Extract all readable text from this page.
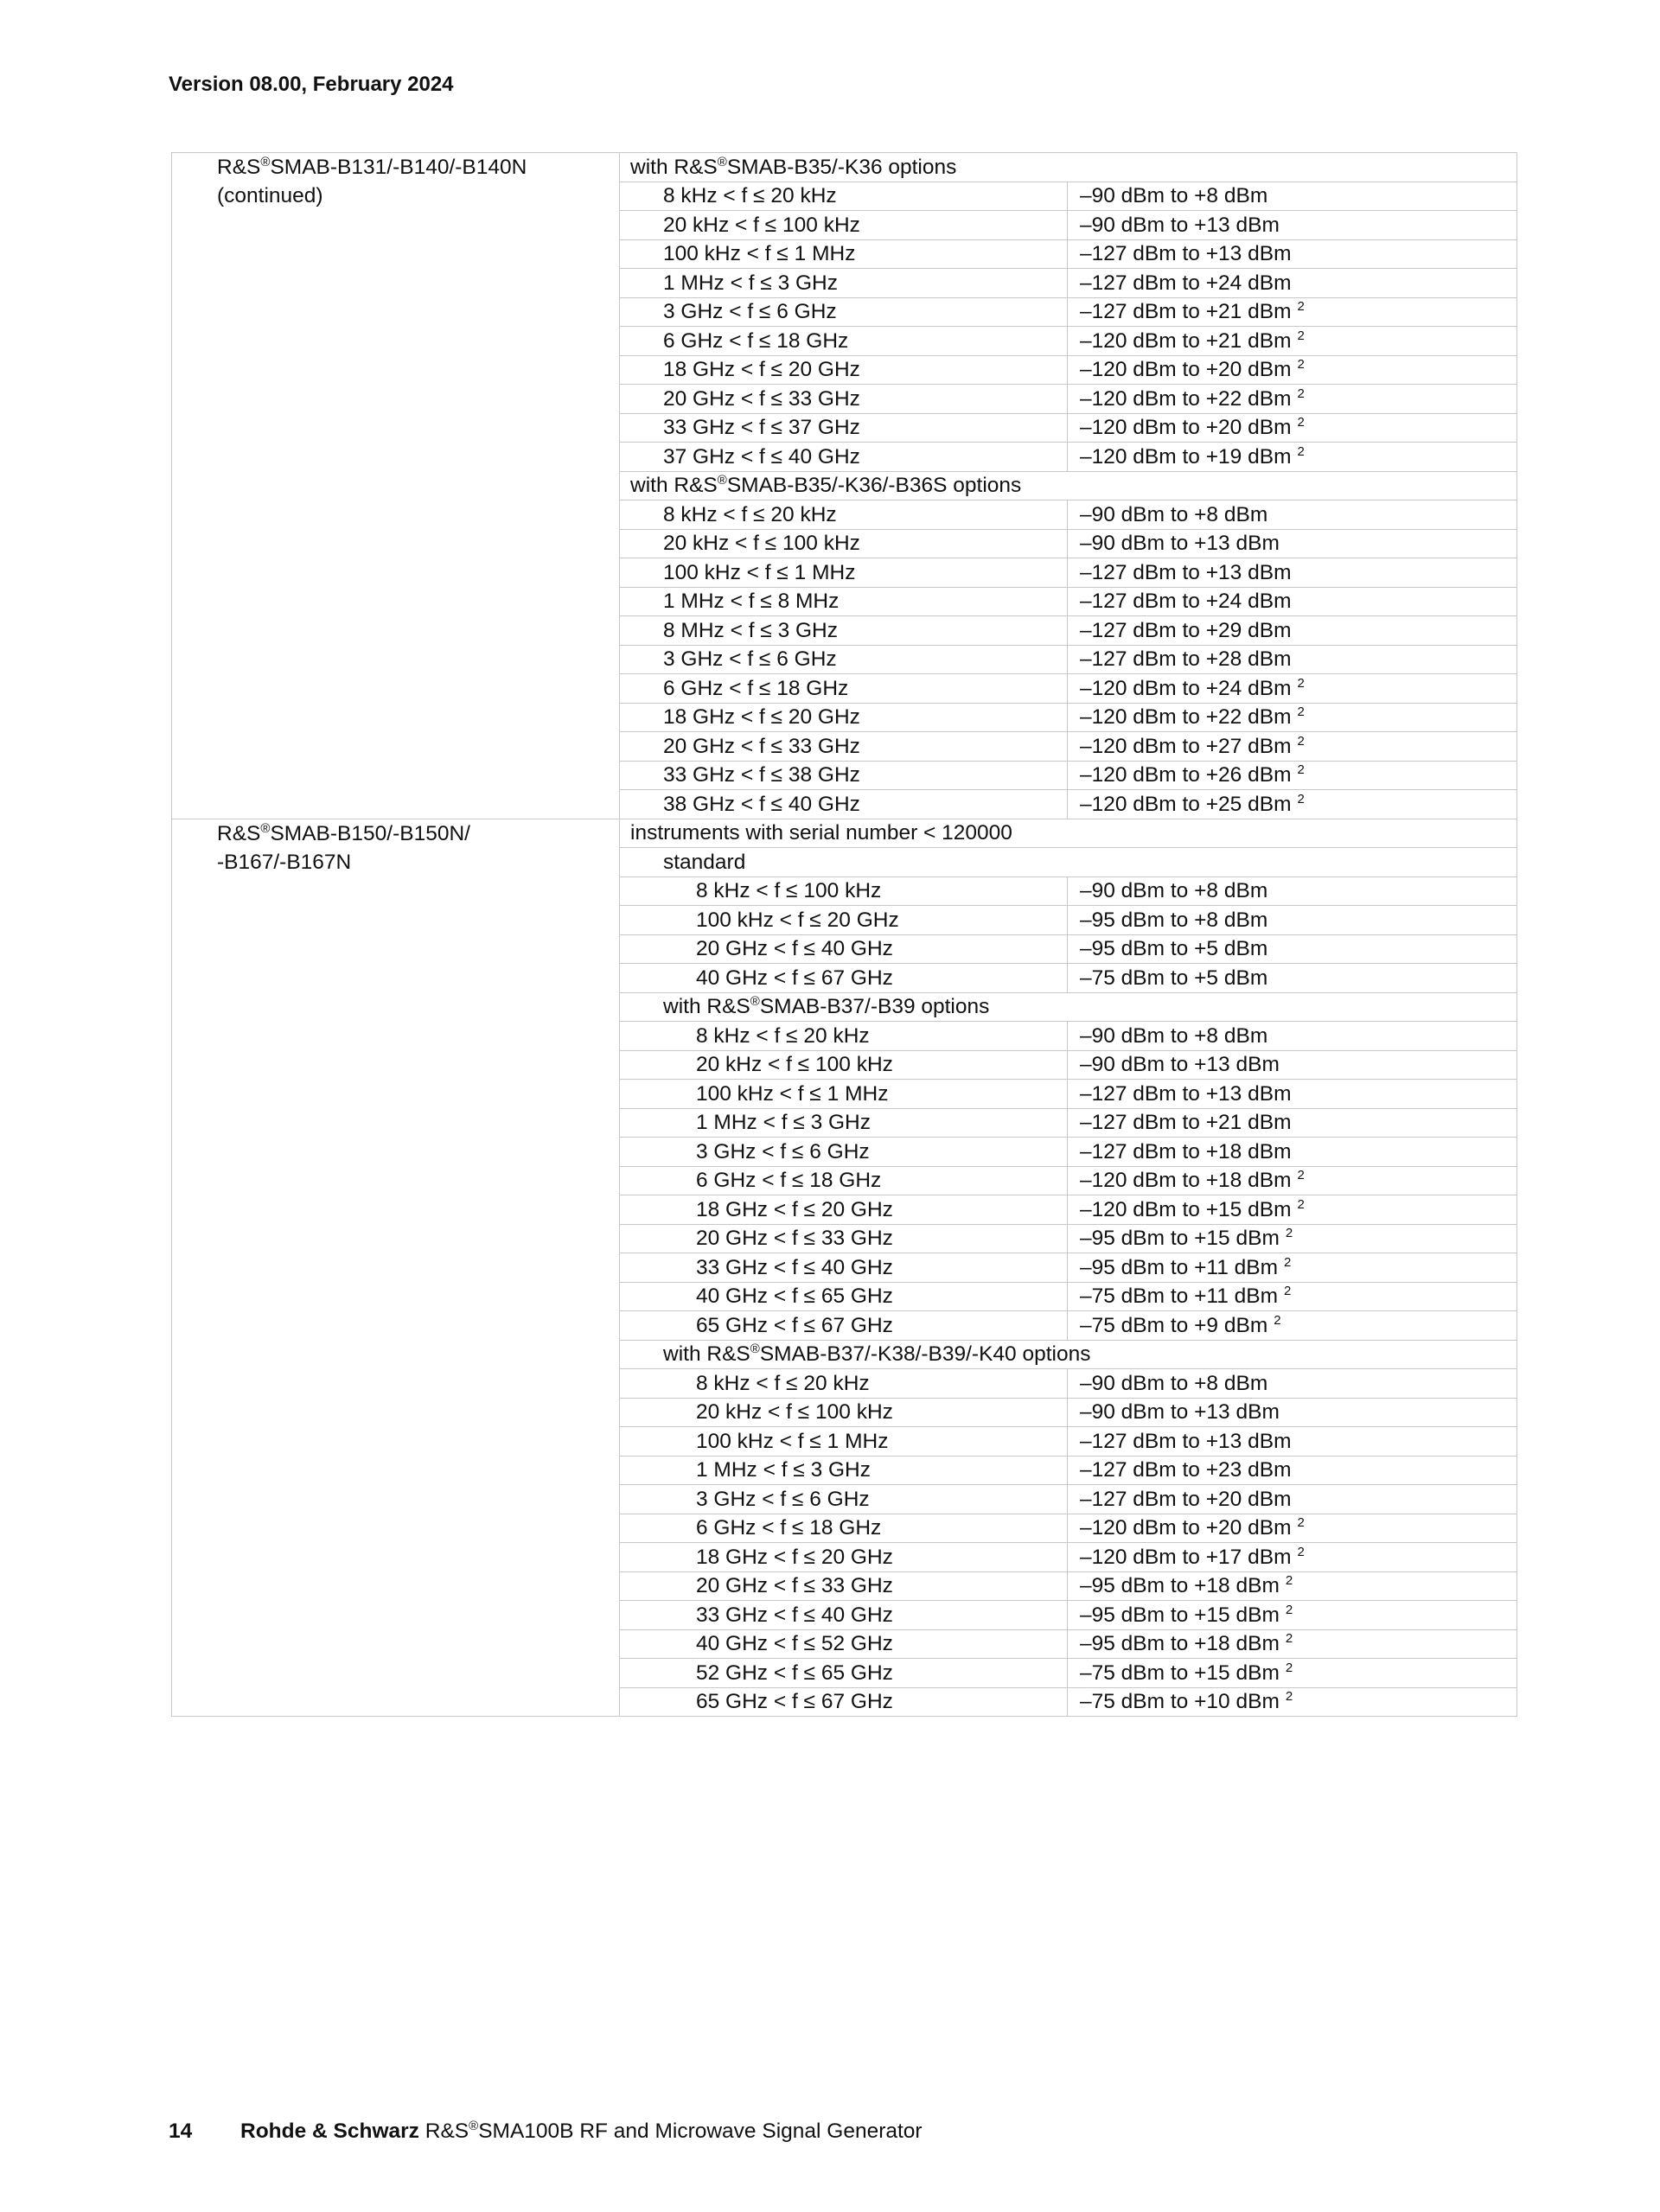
Version 08.00, February 2024
R&S®SMAB-B131/-B140/-B140N
(continued)	with R&S®SMAB-B35/-K36 options	
	8 kHz < f ≤ 20 kHz	–90 dBm to +8 dBm
	20 kHz < f ≤ 100 kHz	–90 dBm to +13 dBm
	100 kHz < f ≤ 1 MHz	–127 dBm to +13 dBm
	1 MHz < f ≤ 3 GHz	–127 dBm to +24 dBm
	3 GHz < f ≤ 6 GHz	–127 dBm to +21 dBm $^2$
	6 GHz < f ≤ 18 GHz	–120 dBm to +21 dBm $^2$
	18 GHz < f ≤ 20 GHz	–120 dBm to +20 dBm $^2$
	20 GHz < f ≤ 33 GHz	–120 dBm to +22 dBm $^2$
	33 GHz < f ≤ 37 GHz	–120 dBm to +20 dBm $^2$
	37 GHz < f ≤ 40 GHz	–120 dBm to +19 dBm $^2$
	with R&S®SMAB-B35/-K36/-B36S options	
	8 kHz < f ≤ 20 kHz	–90 dBm to +8 dBm
	20 kHz < f ≤ 100 kHz	–90 dBm to +13 dBm
	100 kHz < f ≤ 1 MHz	–127 dBm to +13 dBm
	1 MHz < f ≤ 8 MHz	–127 dBm to +24 dBm
	8 MHz < f ≤ 3 GHz	–127 dBm to +29 dBm
	3 GHz < f ≤ 6 GHz	–127 dBm to +28 dBm
	6 GHz < f ≤ 18 GHz	–120 dBm to +24 dBm $^2$
	18 GHz < f ≤ 20 GHz	–120 dBm to +22 dBm $^2$
	20 GHz < f ≤ 33 GHz	–120 dBm to +27 dBm $^2$
	33 GHz < f ≤ 38 GHz	–120 dBm to +26 dBm $^2$
	38 GHz < f ≤ 40 GHz	–120 dBm to +25 dBm $^2$

R&S®SMAB-B150/-B150N/
-B167/-B167N	instruments with serial number < 120000	
	standard	
	8 kHz < f ≤ 100 kHz	–90 dBm to +8 dBm
	100 kHz < f ≤ 20 GHz	–95 dBm to +8 dBm
	20 GHz < f ≤ 40 GHz	–95 dBm to +5 dBm
	40 GHz < f ≤ 67 GHz	–75 dBm to +5 dBm
	with R&S®SMAB-B37/-B39 options	
	8 kHz < f ≤ 20 kHz	–90 dBm to +8 dBm
	20 kHz < f ≤ 100 kHz	–90 dBm to +13 dBm
	100 kHz < f ≤ 1 MHz	–127 dBm to +13 dBm
	1 MHz < f ≤ 3 GHz	–127 dBm to +21 dBm
	3 GHz < f ≤ 6 GHz	–127 dBm to +18 dBm
	6 GHz < f ≤ 18 GHz	–120 dBm to +18 dBm $^2$
	18 GHz < f ≤ 20 GHz	–120 dBm to +15 dBm $^2$
	20 GHz < f ≤ 33 GHz	–95 dBm to +15 dBm $^2$
	33 GHz < f ≤ 40 GHz	–95 dBm to +11 dBm $^2$
	40 GHz < f ≤ 65 GHz	–75 dBm to +11 dBm $^2$
	65 GHz < f ≤ 67 GHz	–75 dBm to +9 dBm $^2$
	with R&S®SMAB-B37/-K38/-B39/-K40 options	
	8 kHz < f ≤ 20 kHz	–90 dBm to +8 dBm
	20 kHz < f ≤ 100 kHz	–90 dBm to +13 dBm
	100 kHz < f ≤ 1 MHz	–127 dBm to +13 dBm
	1 MHz < f ≤ 3 GHz	–127 dBm to +23 dBm
	3 GHz < f ≤ 6 GHz	–127 dBm to +20 dBm
	6 GHz < f ≤ 18 GHz	–120 dBm to +20 dBm $^2$
	18 GHz < f ≤ 20 GHz	–120 dBm to +17 dBm $^2$
	20 GHz < f ≤ 33 GHz	–95 dBm to +18 dBm $^2$
	33 GHz < f ≤ 40 GHz	–95 dBm to +15 dBm $^2$
	40 GHz < f ≤ 52 GHz	–95 dBm to +18 dBm $^2$
	52 GHz < f ≤ 65 GHz	–75 dBm to +15 dBm $^2$
	65 GHz < f ≤ 67 GHz	–75 dBm to +10 dBm $^2$
14 Rohde & Schwarz R&S®SMA100B RF and Microwave Signal Generator
